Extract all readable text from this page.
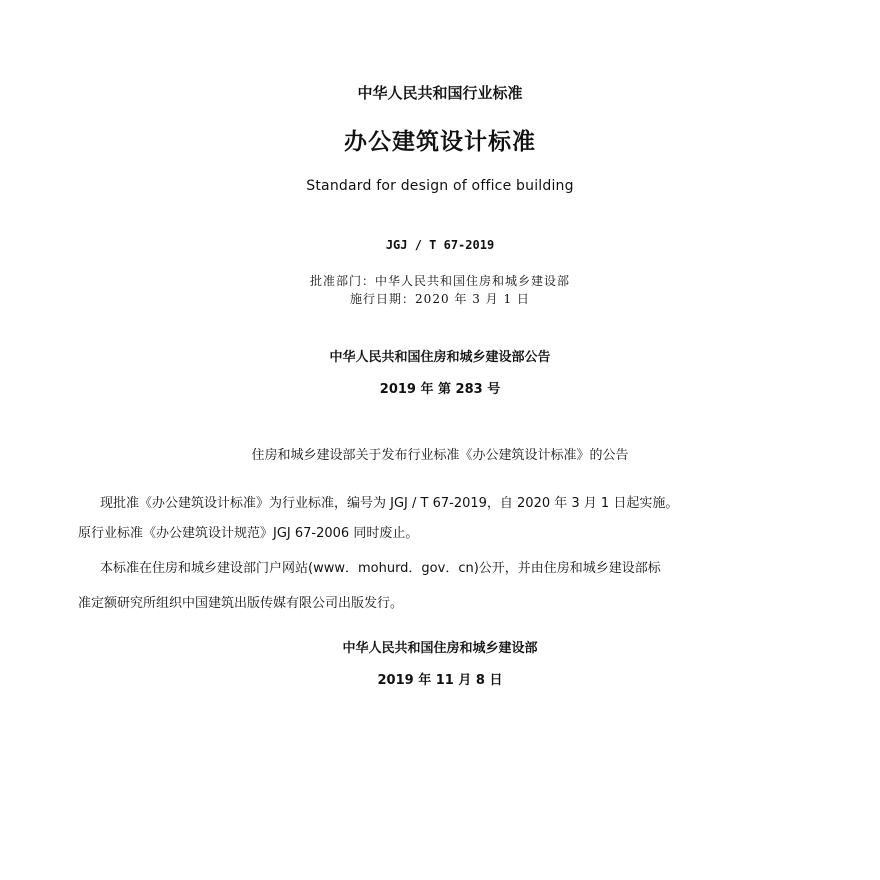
中华人民共和国行业标准
办公建筑设计标准
Standard for design of office building
JGJ / T 67-2019
批准部门：中华人民共和国住房和城乡建设部
施行日期：2020 年 3 月 1 日
中华人民共和国住房和城乡建设部公告
2019 年 第 283 号
住房和城乡建设部关于发布行业标准《办公建筑设计标准》的公告
现批准《办公建筑设计标准》为行业标准，编号为 JGJ / T 67-2019，自 2020 年 3 月 1 日起实施。
原行业标准《办公建筑设计规范》JGJ 67-2006 同时废止。
本标准在住房和城乡建设部门户网站(www．mohurd．gov．cn)公开，并由住房和城乡建设部标
准定额研究所组织中国建筑出版传媒有限公司出版发行。
中华人民共和国住房和城乡建设部
2019 年 11 月 8 日
